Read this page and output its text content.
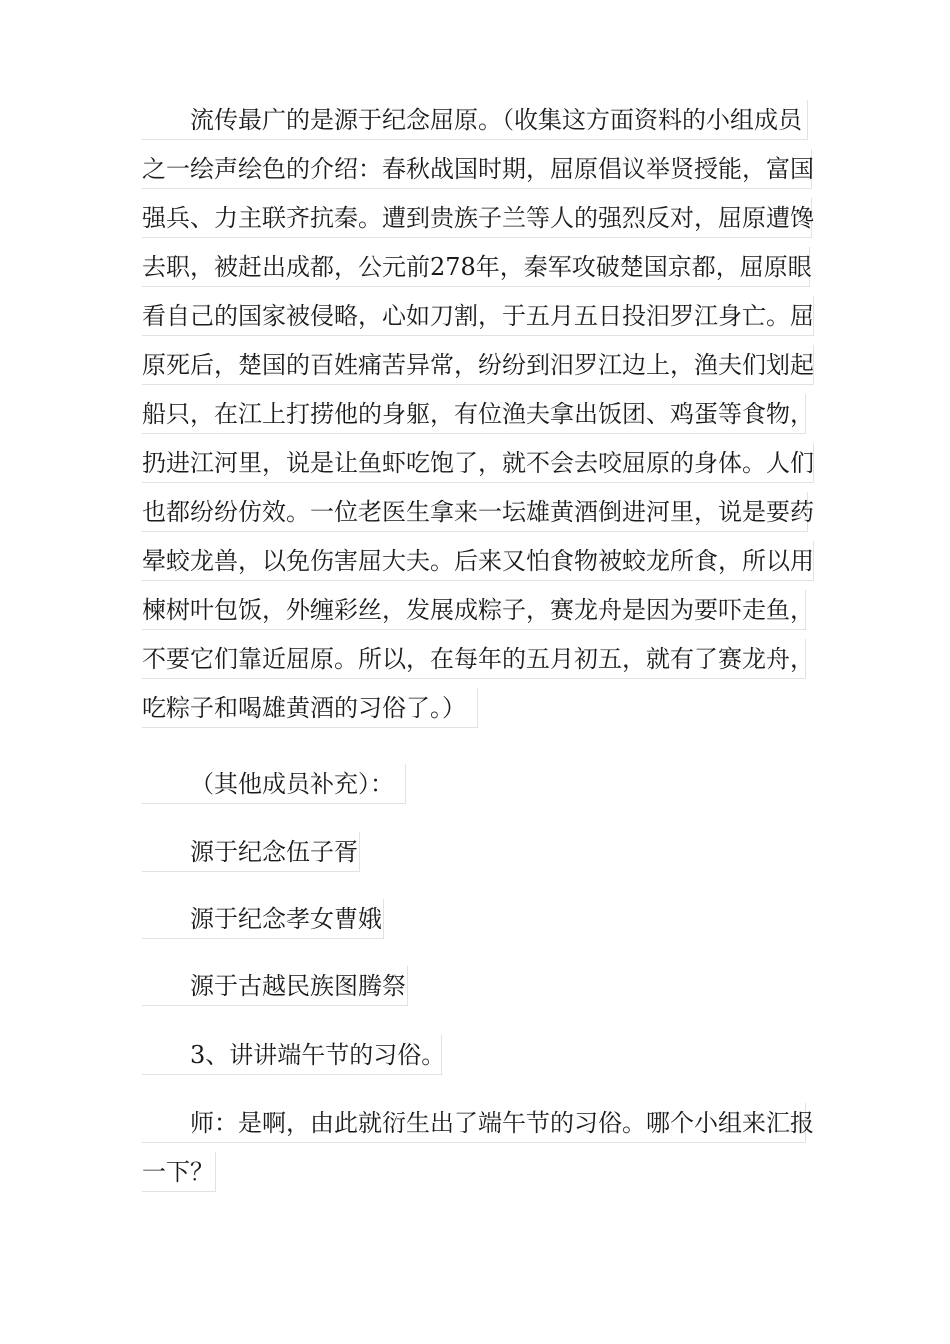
流传最广的是源于纪念屈原。（收集这方面资料的小组成员
之一绘声绘色的介绍：春秋战国时期，屈原倡议举贤授能，富国
强兵、力主联齐抗秦。遭到贵族子兰等人的强烈反对，屈原遭馋
去职，被赶出成都，公元前278年，秦军攻破楚国京都，屈原眼
看自己的国家被侵略，心如刀割，于五月五日投汨罗江身亡。屈
原死后，楚国的百姓痛苦异常，纷纷到汨罗江边上，渔夫们划起
船只，在江上打捞他的身躯，有位渔夫拿出饭团、鸡蛋等食物，
扔进江河里，说是让鱼虾吃饱了，就不会去咬屈原的身体。人们
也都纷纷仿效。一位老医生拿来一坛雄黄酒倒进河里，说是要药
晕蛟龙兽，以免伤害屈大夫。后来又怕食物被蛟龙所食，所以用
楝树叶包饭，外缠彩丝，发展成粽子，赛龙舟是因为要吓走鱼，
不要它们靠近屈原。所以，在每年的五月初五，就有了赛龙舟，
吃粽子和喝雄黄酒的习俗了。）
（其他成员补充）：
源于纪念伍子胥
源于纪念孝女曹娥
源于古越民族图腾祭
3、讲讲端午节的习俗。
师：是啊，由此就衍生出了端午节的习俗。哪个小组来汇报
一下？
